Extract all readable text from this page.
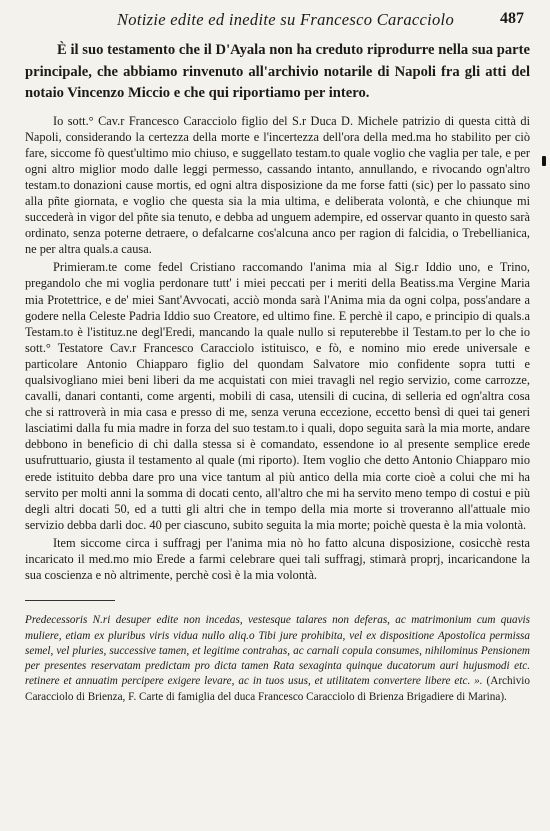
Notizie edite ed inedite su Francesco Caracciolo	487
È il suo testamento che il D'Ayala non ha creduto riprodurre nella sua parte principale, che abbiamo rinvenuto all'archivio notarile di Napoli fra gli atti del notaio Vincenzo Miccio e che qui riportiamo per intero.

Io sott.° Cav.r Francesco Caracciolo figlio del S.r Duca D. Michele patrizio di questa città di Napoli, considerando la certezza della morte e l'incertezza dell'ora della med.ma ho stabilito per ciò fare, siccome fò quest'ultimo mio chiuso, e suggellato testam.to quale voglio che vaglia per tale, e per ogni altro miglior modo dalle leggi permesso, cassando intanto, annullando, e rivocando ogn'altro testam.to donazioni cause mortis, ed ogni altra disposizione da me forse fatti (sic) per lo passato sino alla pñte giornata, e voglio che questa sia la mia ultima, e deliberata volontà, e che chiunque mi succederà in vigor del pñte sia tenuto, e debba ad unguem adempire, ed osservar quanto in questo sarà ordinato, senza poterne detraere, o defalcarne cos'alcuna anco per ragion di falcidia, o Trebellianica, ne per altra quals.a causa.

Primieram.te come fedel Cristiano raccomando l'anima mia al Sig.r Iddio uno, e Trino, pregandolo che mi voglia perdonare tutt' i miei peccati per i meriti della Beatiss.ma Vergine Maria mia Protettrice, e de' miei Sant'Avvocati, acciò monda sarà l'Anima mia da ogni colpa, poss'andare a godere nella Celeste Padria Iddio suo Creatore, ed ultimo fine. E perchè il capo, e principio di quals.a Testam.to è l'istituz.ne degl'Eredi, mancando la quale nullo si reputerebbe il Testam.to per lo che io sott.° Testatore Cav.r Francesco Caracciolo istituisco, e fò, e nomino mio erede universale e particolare Antonio Chiapparo figlio del quondam Salvatore mio confidente sopra tutti e qualsivogliano miei beni liberi da me acquistati con miei travagli nel regio servizio, come carrozze, cavalli, danari contanti, come argenti, mobili di casa, utensili di cucina, di selleria ed ogn'altra cosa che si rattroverà in mia casa e presso di me, senza veruna eccezione, eccetto bensì di quei tai generi lasciatimi dalla fu mia madre in forza del suo testam.to i quali, dopo seguita sarà la mia morte, andare debbono in beneficio di chi dalla stessa si è comandato, essendone io al presente semplice erede usufruttuario, giusta il testamento al quale (mi riporto). Item voglio che detto Antonio Chiapparo mio erede istituito debba dare pro una vice tantum al più antico della mia corte cioè a colui che mi ha servito per molti anni la somma di docati cento, all'altro che mi ha servito meno tempo di costui e più degli altri docati 50, ed a tutti gli altri che in tempo della mia morte si troveranno all'attuale mio servizio debba darli doc. 40 per ciascuno, subito seguita la mia morte; poichè questa è la mia volontà.

Item siccome circa i suffragj per l'anima mia nò ho fatto alcuna disposizione, cosicchè resta incaricato il med.mo mio Erede a farmi celebrare quei tali suffragj, stimarà proprj, incaricandone la sua coscienza e nò altrimente, perchè così è la mia volontà.

Predecessoris N.ri desuper edite non incedas, vestesque talares non deferas, ac matrimonium cum quavis muliere, etiam ex pluribus viris vidua nullo aliq.o Tibi jure prohibita, vel ex dispositione Apostolica permissa semel, vel pluries, successive tamen, et legitime contrahas, ac carnali copula consumes, nihilominus Pensionem per presentes reservatam predictam pro dicta tamen Rata sexaginta quinque ducatorum auri hujusmodi etc. retinere et annuatim percipere exigere levare, ac in tuos usus, et utilitatem convertere libere etc. ». (Archivio Caracciolo di Brienza, F. Carte di famiglia del duca Francesco Caracciolo di Brienza Brigadiere di Marina).
